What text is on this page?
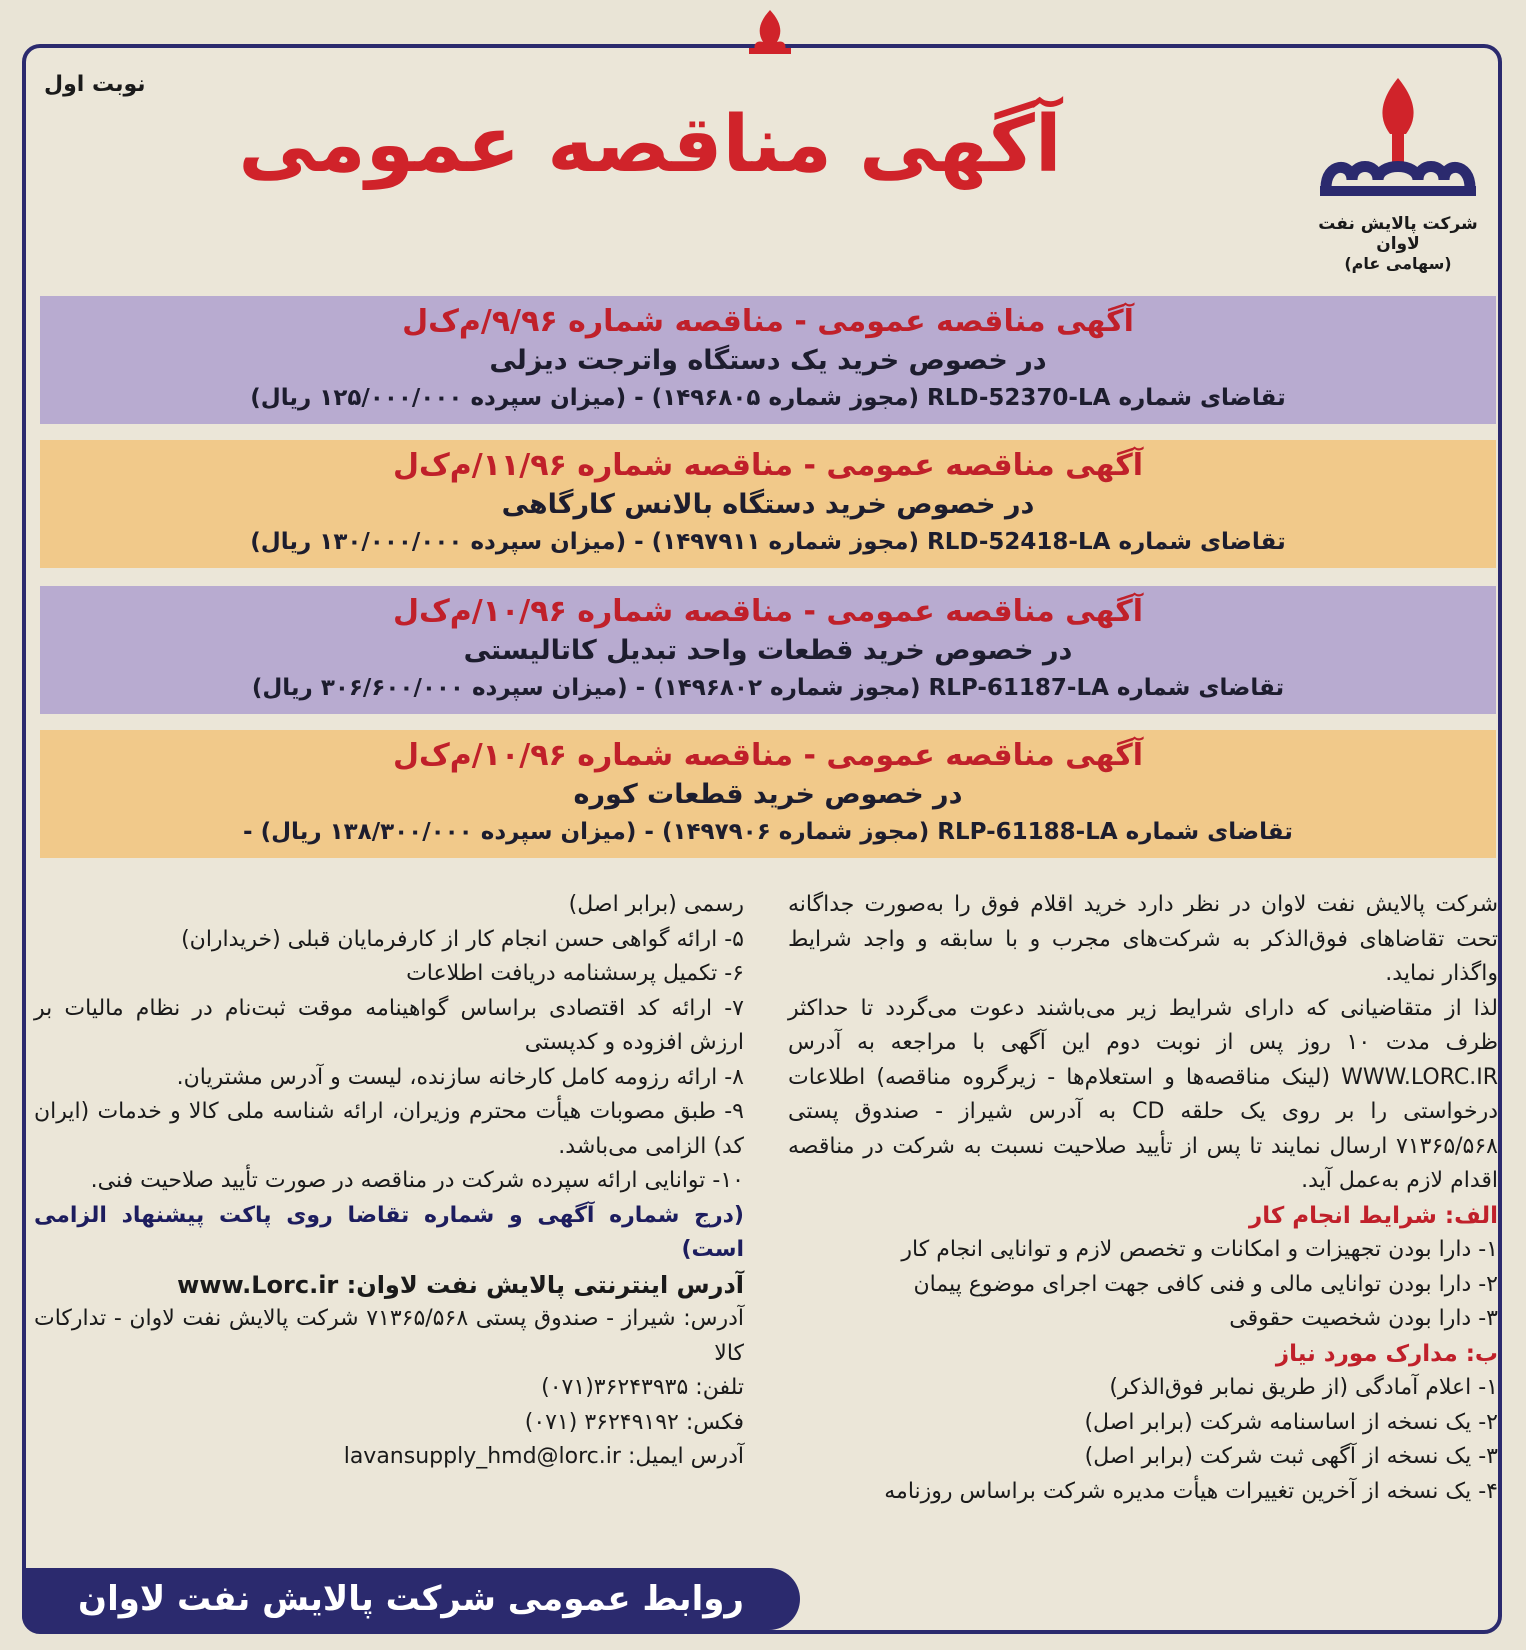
نوبت اول
شرکت پالایش نفت لاوان
(سهامی عام)
آگهی مناقصه عمومی
آگهی مناقصه عمومی - مناقصه شماره ۹/۹۶/م‌ک‌ل
در خصوص خرید یک دستگاه واترجت دیزلی
تقاضای شماره RLD-52370-LA (مجوز شماره ۱۴۹۶۸۰۵) - (میزان سپرده ۱۲۵/۰۰۰/۰۰۰ ریال)
آگهی مناقصه عمومی - مناقصه شماره ۱۱/۹۶/م‌ک‌ل
در خصوص خرید دستگاه بالانس کارگاهی
تقاضای شماره RLD-52418-LA (مجوز شماره ۱۴۹۷۹۱۱) - (میزان سپرده ۱۳۰/۰۰۰/۰۰۰ ریال)
آگهی مناقصه عمومی - مناقصه شماره ۱۰/۹۶/م‌ک‌ل
در خصوص خرید قطعات واحد تبدیل کاتالیستی
تقاضای شماره RLP-61187-LA (مجوز شماره ۱۴۹۶۸۰۲) - (میزان سپرده ۳۰۶/۶۰۰/۰۰۰ ریال)
آگهی مناقصه عمومی - مناقصه شماره ۱۰/۹۶/م‌ک‌ل
در خصوص خرید قطعات کوره
تقاضای شماره RLP-61188-LA (مجوز شماره ۱۴۹۷۹۰۶) - (میزان سپرده ۱۳۸/۳۰۰/۰۰۰ ریال) -

شرکت پالایش نفت لاوان در نظر دارد خرید اقلام فوق را به‌صورت جداگانه تحت تقاضاهای فوق‌الذکر به شرکت‌های مجرب و با سابقه و واجد شرایط واگذار نماید.

لذا از متقاضیانی که دارای شرایط زیر می‌باشند دعوت می‌گردد تا حداکثر ظرف مدت ۱۰ روز پس از نوبت دوم این آگهی با مراجعه به آدرس WWW.LORC.IR (لینک مناقصه‌ها و استعلام‌ها - زیرگروه مناقصه) اطلاعات درخواستی را بر روی یک حلقه CD به آدرس شیراز - صندوق پستی ۷۱۳۶۵/۵۶۸ ارسال نمایند تا پس از تأیید صلاحیت نسبت به شرکت در مناقصه اقدام لازم به‌عمل آید.

الف: شرایط انجام کار
۱- دارا بودن تجهیزات و امکانات و تخصص لازم و توانایی انجام کار
۲- دارا بودن توانایی مالی و فنی کافی جهت اجرای موضوع پیمان
۳- دارا بودن شخصیت حقوقی
ب: مدارک مورد نیاز
۱- اعلام آمادگی (از طریق نمابر فوق‌الذکر)
۲- یک نسخه از اساسنامه شرکت (برابر اصل)
۳- یک نسخه از آگهی ثبت شرکت (برابر اصل)
۴- یک نسخه از آخرین تغییرات هیأت مدیره شرکت براساس روزنامه
رسمی (برابر اصل)
۵- ارائه گواهی حسن انجام کار از کارفرمایان قبلی (خریداران)
۶- تکمیل پرسشنامه دریافت اطلاعات
۷- ارائه کد اقتصادی براساس گواهینامه موقت ثبت‌نام در نظام مالیات بر ارزش افزوده و کدپستی
۸- ارائه رزومه کامل کارخانه سازنده، لیست و آدرس مشتریان.
۹- طبق مصوبات هیأت محترم وزیران، ارائه شناسه ملی کالا و خدمات (ایران کد) الزامی می‌باشد.
۱۰- توانایی ارائه سپرده شرکت در مناقصه در صورت تأیید صلاحیت فنی.
(درج شماره آگهی و شماره تقاضا روی پاکت پیشنهاد الزامی است)
آدرس اینترنتی پالایش نفت لاوان: www.Lorc.ir
آدرس: شیراز - صندوق پستی ۷۱۳۶۵/۵۶۸ شرکت پالایش نفت لاوان - تدارکات کالا
تلفن: ۳۶۲۴۳۹۳۵(۰۷۱)
فکس: ۳۶۲۴۹۱۹۲ (۰۷۱)
آدرس ایمیل: lavansupply_hmd@lorc.ir
روابط عمومی شرکت پالایش نفت لاوان
